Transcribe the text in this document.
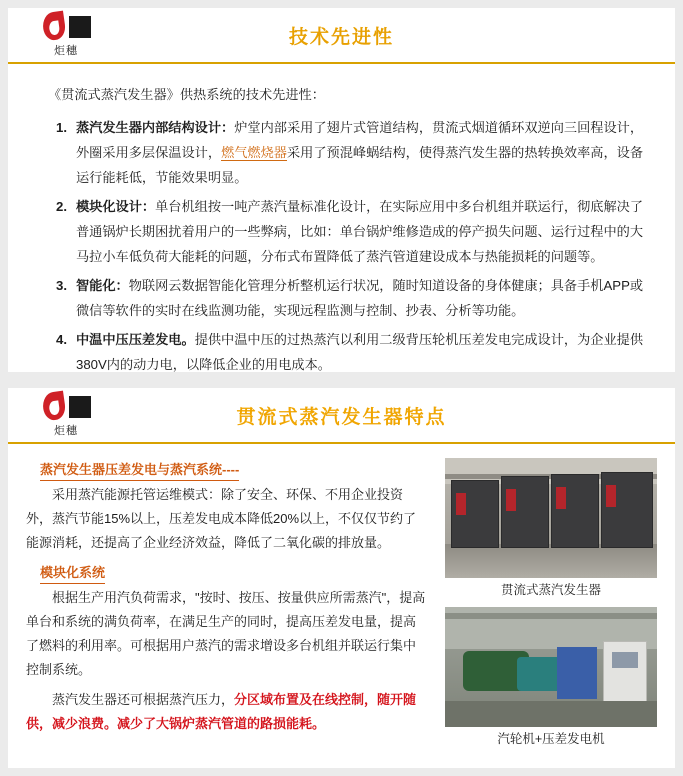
炬穗
技术先进性

《贯流式蒸汽发生器》供热系统的技术先进性：

蒸汽发生器内部结构设计：炉堂内部采用了翅片式管道结构，贯流式烟道循环双逆向三回程设计，外圈采用多层保温设计，燃气燃烧器采用了预混峰蜗结构，使得蒸汽发生器的热转换效率高，设备运行能耗低，节能效果明显。
模块化设计：单台机组按一吨产蒸汽量标准化设计，在实际应用中多台机组并联运行，彻底解决了普通锅炉长期困扰着用户的一些弊病，比如：单台锅炉维修造成的停产损失问题、运行过程中的大马拉小车低负荷大能耗的问题，分布式布置降低了蒸汽管道建设成本与热能损耗的问题等。
智能化：物联网云数据智能化管理分析整机运行状况，随时知道设备的身体健康；具备手机APP或微信等软件的实时在线监测功能，实现远程监测与控制、抄表、分析等功能。
中温中压压差发电。提供中温中压的过热蒸汽以利用二级背压轮机压差发电完成设计，为企业提供380V内的动力电，以降低企业的用电成本。
炬穗
贯流式蒸汽发生器特点
贯流式蒸汽发生器
汽轮机+压差发电机
蒸汽发生器压差发电与蒸汽系统----

采用蒸汽能源托管运维模式：除了安全、环保、不用企业投资外，蒸汽节能15%以上，压差发电成本降低20%以上，不仅仅节约了能源消耗，还提高了企业经济效益，降低了二氧化碳的排放量。

模块化系统

根据生产用汽负荷需求，"按时、按压、按量供应所需蒸汽"，提高单台和系统的满负荷率，在满足生产的同时，提高压差发电量，提高了燃料的利用率。可根据用户蒸汽的需求增设多台机组并联运行集中控制系统。

蒸汽发生器还可根据蒸汽压力，分区域布置及在线控制，随开随供，减少浪费。减少了大锅炉蒸汽管道的路损能耗。
